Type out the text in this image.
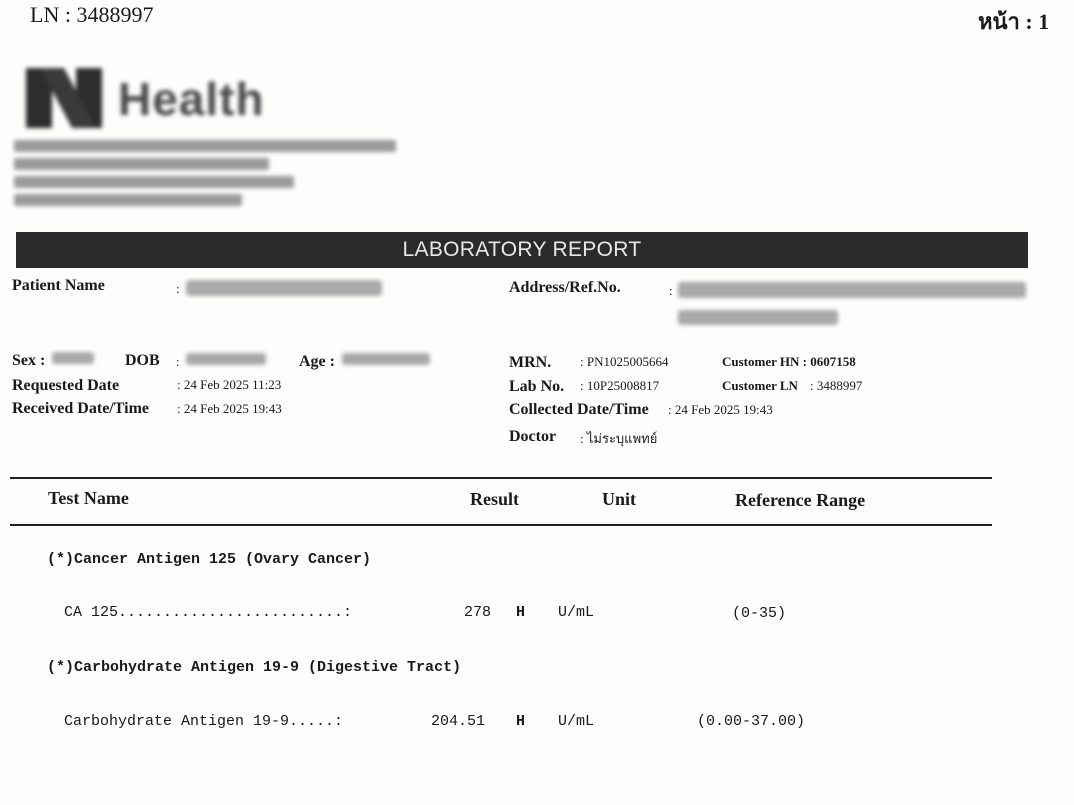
LN : 3488997	หน้า : 1
Health
LABORATORY REPORT
Patient Name	:	Address/Ref.No.	:
Sex :	DOB :	Age :
Requested Date	: 24 Feb 2025 11:23
Received Date/Time : 24 Feb 2025 19:43
MRN. : PN1025005664	Customer HN : 0607158
Lab No. : 10P25008817	Customer LN : 3488997
Collected Date/Time : 24 Feb 2025 19:43
Doctor : ไม่ระบุแพทย์
Test Name	Result	Unit	Reference Range
(*)Cancer Antigen 125 (Ovary Cancer)
CA 125.........................:	278 H U/mL	(0-35)
(*)Carbohydrate Antigen 19-9 (Digestive Tract)
Carbohydrate Antigen 19-9.....:	204.51 H U/mL	(0.00-37.00)
